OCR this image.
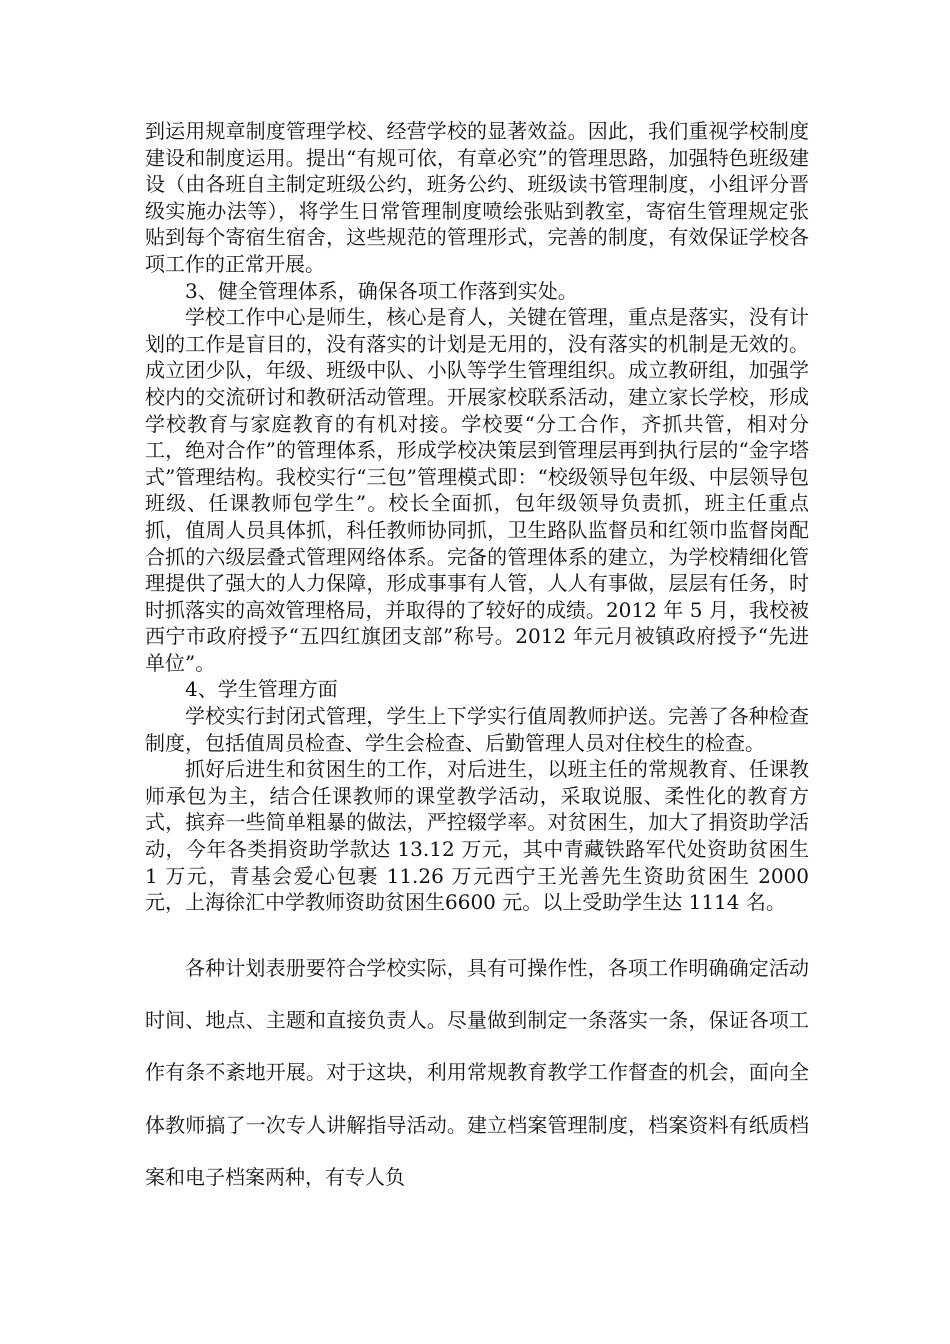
到运用规章制度管理学校、经营学校的显著效益。因此，我们重视学校制度建设和制度运用。提出“有规可依，有章必究”的管理思路，加强特色班级建设（由各班自主制定班级公约，班务公约、班级读书管理制度，小组评分晋级实施办法等），将学生日常管理制度喷绘张贴到教室，寄宿生管理规定张贴到每个寄宿生宿舍，这些规范的管理形式，完善的制度，有效保证学校各项工作的正常开展。

3、健全管理体系，确保各项工作落到实处。

学校工作中心是师生，核心是育人，关键在管理，重点是落实，没有计划的工作是盲目的，没有落实的计划是无用的，没有落实的机制是无效的。成立团少队，年级、班级中队、小队等学生管理组织。成立教研组，加强学校内的交流研讨和教研活动管理。开展家校联系活动，建立家长学校，形成学校教育与家庭教育的有机对接。学校要“分工合作，齐抓共管，相对分工，绝对合作”的管理体系，形成学校决策层到管理层再到执行层的“金字塔式”管理结构。我校实行“三包”管理模式即：“校级领导包年级、中层领导包班级、任课教师包学生”。校长全面抓，包年级领导负责抓，班主任重点抓，值周人员具体抓，科任教师协同抓，卫生路队监督员和红领巾监督岗配合抓的六级层叠式管理网络体系。完备的管理体系的建立，为学校精细化管理提供了强大的人力保障，形成事事有人管，人人有事做，层层有任务，时时抓落实的高效管理格局，并取得的了较好的成绩。2012 年 5 月，我校被西宁市政府授予“五四红旗团支部”称号。2012 年元月被镇政府授予“先进单位”。

4、学生管理方面

学校实行封闭式管理，学生上下学实行值周教师护送。完善了各种检查制度，包括值周员检查、学生会检查、后勤管理人员对住校生的检查。

抓好后进生和贫困生的工作，对后进生，以班主任的常规教育、任课教师承包为主，结合任课教师的课堂教学活动，采取说服、柔性化的教育方式，摈弃一些简单粗暴的做法，严控辍学率。对贫困生，加大了捐资助学活动，今年各类捐资助学款达 13.12 万元，其中青藏铁路军代处资助贫困生 1 万元，青基会爱心包裹 11.26 万元西宁王光善先生资助贫困生 2000 元，上海徐汇中学教师资助贫困生6600 元。以上受助学生达 1114 名。

各种计划表册要符合学校实际，具有可操作性，各项工作明确确定活动时间、地点、主题和直接负责人。尽量做到制定一条落实一条，保证各项工作有条不紊地开展。对于这块，利用常规教育教学工作督查的机会，面向全体教师搞了一次专人讲解指导活动。建立档案管理制度，档案资料有纸质档案和电子档案两种，有专人负
